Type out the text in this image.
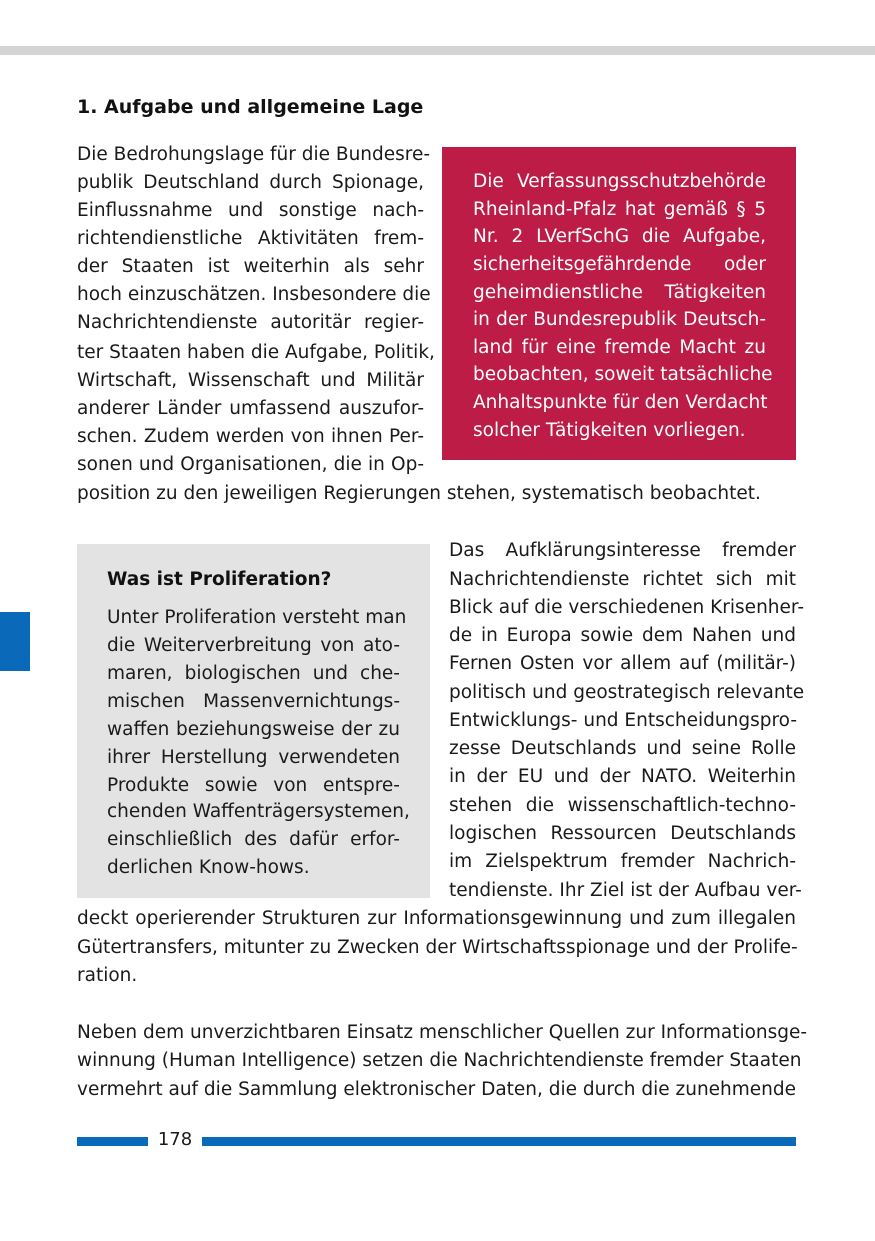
1. Aufgabe und allgemeine Lage

Die Bedrohungslage für die Bundesre-

publik Deutschland durch Spionage,

Einflussnahme und sonstige nach-

richtendienstliche Aktivitäten frem-

der Staaten ist weiterhin als sehr

hoch einzuschätzen. Insbesondere die

Nachrichtendienste autoritär regier-

ter Staaten haben die Aufgabe, Politik,

Wirtschaft, Wissenschaft und Militär

anderer Länder umfassend auszufor-

schen. Zudem werden von ihnen Per-

sonen und Organisationen, die in Op-

position zu den jeweiligen Regierungen stehen, systematisch beobachtet.

Die Verfassungsschutzbehörde

Rheinland-Pfalz hat gemäß § 5

Nr. 2 LVerfSchG die Aufgabe,

sicherheitsgefährdende oder

geheimdienstliche Tätigkeiten

in der Bundesrepublik Deutsch-

land für eine fremde Macht zu

beobachten, soweit tatsächliche

Anhaltspunkte für den Verdacht

solcher Tätigkeiten vorliegen.

Was ist Proliferation?

Unter Proliferation versteht man

die Weiterverbreitung von ato-

maren, biologischen und che-

mischen Massenvernichtungs-

waffen beziehungsweise der zu

ihrer Herstellung verwendeten

Produkte sowie von entspre-

chenden Waffenträgersystemen,

einschließlich des dafür erfor-

derlichen Know-hows.

Das Aufklärungsinteresse fremder

Nachrichtendienste richtet sich mit

Blick auf die verschiedenen Krisenher-

de in Europa sowie dem Nahen und

Fernen Osten vor allem auf (militär-)

politisch und geostrategisch relevante

Entwicklungs- und Entscheidungspro-

zesse Deutschlands und seine Rolle

in der EU und der NATO. Weiterhin

stehen die wissenschaftlich-techno-

logischen Ressourcen Deutschlands

im Zielspektrum fremder Nachrich-

tendienste. Ihr Ziel ist der Aufbau ver-

deckt operierender Strukturen zur Informationsgewinnung und zum illegalen

Gütertransfers, mitunter zu Zwecken der Wirtschaftsspionage und der Prolife-

ration.

Neben dem unverzichtbaren Einsatz menschlicher Quellen zur Informationsge-

winnung (Human Intelligence) setzen die Nachrichtendienste fremder Staaten

vermehrt auf die Sammlung elektronischer Daten, die durch die zunehmende

178
